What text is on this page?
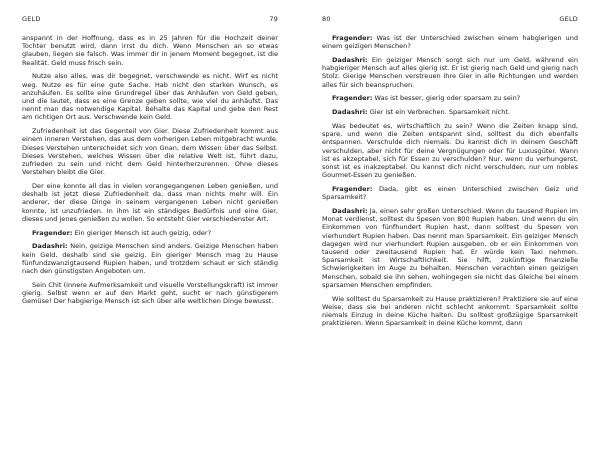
GELD	79

anspannt in der Hoffnung, dass es in 25 Jahren für die Hochzeit deiner Tochter benutzt wird, dann irrst du dich. Wenn Menschen an so etwas glauben, liegen sie falsch. Was immer dir in jenem Moment begegnet, ist die Realität. Geld muss frisch sein.

Nutze also alles, was dir begegnet, verschwende es nicht. Wirf es nicht weg. Nutze es für eine gute Sache. Hab nicht den starken Wunsch, es anzuhäufen. Es sollte eine Grundregel über das Anhäufen von Geld geben, und die lautet, dass es eine Grenze geben sollte, wie viel du anhäufst. Das nennt man das notwendige Kapital. Behalte das Kapital und gebe den Rest am richtigen Ort aus. Verschwende kein Geld.

Zufriedenheit ist das Gegenteil von Gier. Diese Zufriedenheit kommt aus einem inneren Verstehen, das aus dem vorherigen Leben mitgebracht wurde. Dieses Verstehen unterscheidet sich von Gnan, dem Wissen über das Selbst. Dieses Verstehen, welches Wissen über die relative Welt ist, führt dazu, zufrieden zu sein und nicht dem Geld hinterherzurennen. Ohne dieses Verstehen bleibt die Gier.

Der eine konnte all das in vielen vorangegangenen Leben genießen, und deshalb ist jetzt diese Zufriedenheit da, dass man nichts mehr will. Ein anderer, der diese Dinge in seinem vergangenen Leben nicht genießen konnte, ist unzufrieden. In ihm ist ein ständiges Bedürfnis und eine Gier, dieses und jenes genießen zu wollen. So entsteht Gier verschiedenster Art.

Fragender: Ein gieriger Mensch ist auch geizig, oder?

Dadashri: Nein, geizige Menschen sind anders. Geizige Menschen haben kein Geld, deshalb sind sie geizig. Ein gieriger Mensch mag zu Hause fünfundzwanzigtausend Rupien haben, und trotzdem schaut er sich ständig nach den günstigsten Angeboten um.

Sein Chit (innere Aufmerksamkeit und visuelle Vorstellungskraft) ist immer gierig. Selbst wenn er auf den Markt geht, sucht er nach günstigerem Gemüse! Der habgierige Mensch ist sich über alle weltlichen Dinge bewusst.

80	GELD

Fragender: Was ist der Unterschied zwischen einem habgierigen und einem geizigen Menschen?

Dadashri: Ein geiziger Mensch sorgt sich nur um Geld, während ein habgieriger Mensch auf alles gierig ist. Er ist gierig nach Geld und gierig nach Stolz. Gierige Menschen verstreuen ihre Gier in alle Richtungen und werden alles für sich beanspruchen.

Fragender: Was ist besser, gierig oder sparsam zu sein?

Dadashri: Gier ist ein Verbrechen. Sparsamkeit nicht.

Was bedeutet es, wirtschaftlich zu sein? Wenn die Zeiten knapp sind, spare, und wenn die Zeiten entspannt sind, solltest du dich ebenfalls entspannen. Verschulde dich niemals. Du kannst dich in deinem Geschäft verschulden, aber nicht für deine Vergnügungen oder für Luxusgüter. Wann ist es akzeptabel, sich für Essen zu verschulden? Nur, wenn du verhungerst, sonst ist es inakzeptabel. Du kannst dich nicht verschulden, nur um nobles Gourmet-Essen zu genießen.

Fragender: Dada, gibt es einen Unterschied zwischen Geiz und Sparsamkeit?

Dadashri: Ja, einen sehr großen Unterschied. Wenn du tausend Rupien im Monat verdienst, solltest du Spesen von 800 Rupien haben. Und wenn du ein Einkommen von fünfhundert Rupien hast, dann solltest du Spesen von vierhundert Rupien haben. Das nennt man Sparsamkeit. Ein geiziger Mensch dagegen wird nur vierhundert Rupien ausgeben, ob er ein Einkommen von tausend oder zweitausend Rupien hat. Er würde kein Taxi nehmen. Sparsamkeit ist Wirtschaftlichkeit. Sie hilft, zukünftige finanzielle Schwierigkeiten im Auge zu behalten. Menschen verachten einen geizigen Menschen, sobald sie ihn sehen, wohingegen sie nicht das Gleiche bei einem sparsamen Menschen empfinden.

Wie solltest du Sparsamkeit zu Hause praktizieren? Praktiziere sie auf eine Weise, dass sie bei anderen nicht schlecht ankommt. Sparsamkeit sollte niemals Einzug in deine Küche halten. Du solltest großzügige Sparsamkeit praktizieren. Wenn Sparsamkeit in deine Küche kommt, dann
